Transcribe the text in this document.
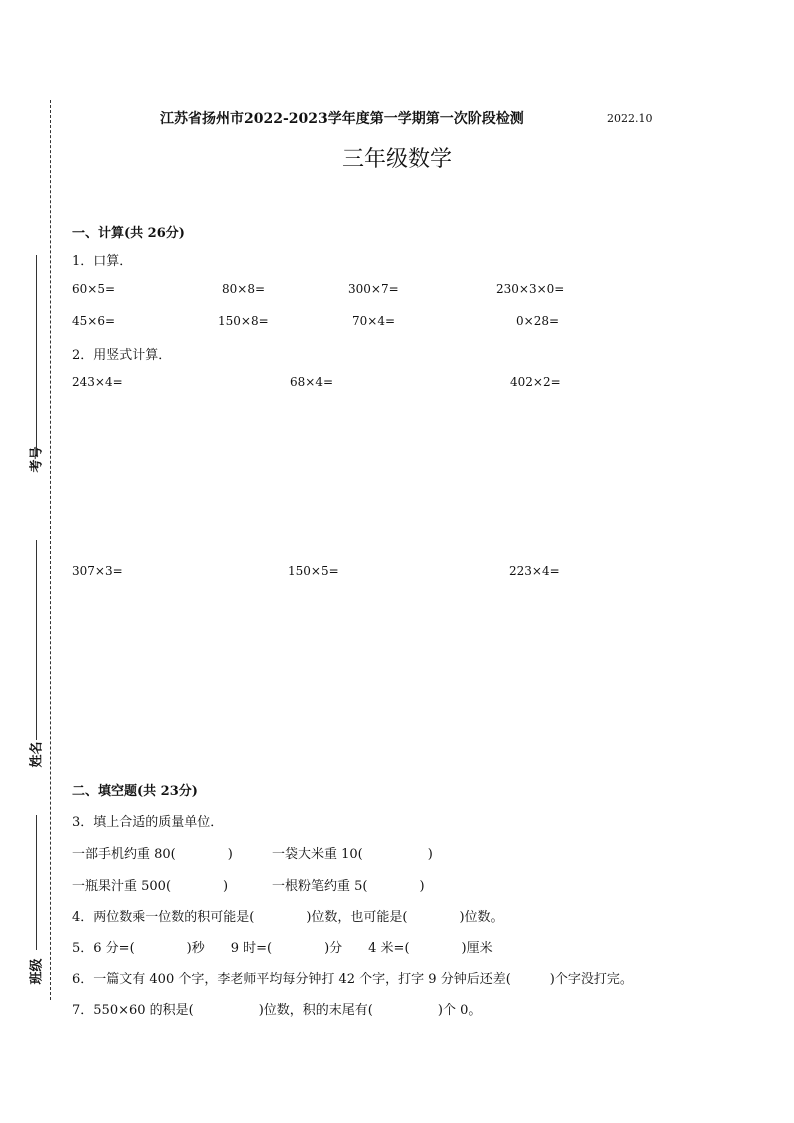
考号
姓名
班级
江苏省扬州市2022-2023学年度第一学期第一次阶段检测	2022.10
三年级数学
一、计算(共 26分)
1．口算．
60×5=	80×8=	300×7=	230×3×0=
45×6=	150×8=	70×4=	0×28=
2．用竖式计算．
243×4=	68×4=	402×2=
307×3=	150×5=	223×4=
二、填空题(共 23分)
3．填上合适的质量单位．
一部手机约重 80(　　　　)	一袋大米重 10(　　　　　)
一瓶果汁重 500(　　　　)	一根粉笔约重 5(　　　　)
4．两位数乘一位数的积可能是(　　　　)位数，也可能是(　　　　)位数。
5．6 分=(　　　　)秒　　9 时=(　　　　)分　　4 米=(　　　　)厘米
6．一篇文有 400 个字，李老师平均每分钟打 42 个字，打字 9 分钟后还差(　　　)个字没打完。
7．550×60 的积是(　　　　　)位数，积的末尾有(　　　　　)个 0。
